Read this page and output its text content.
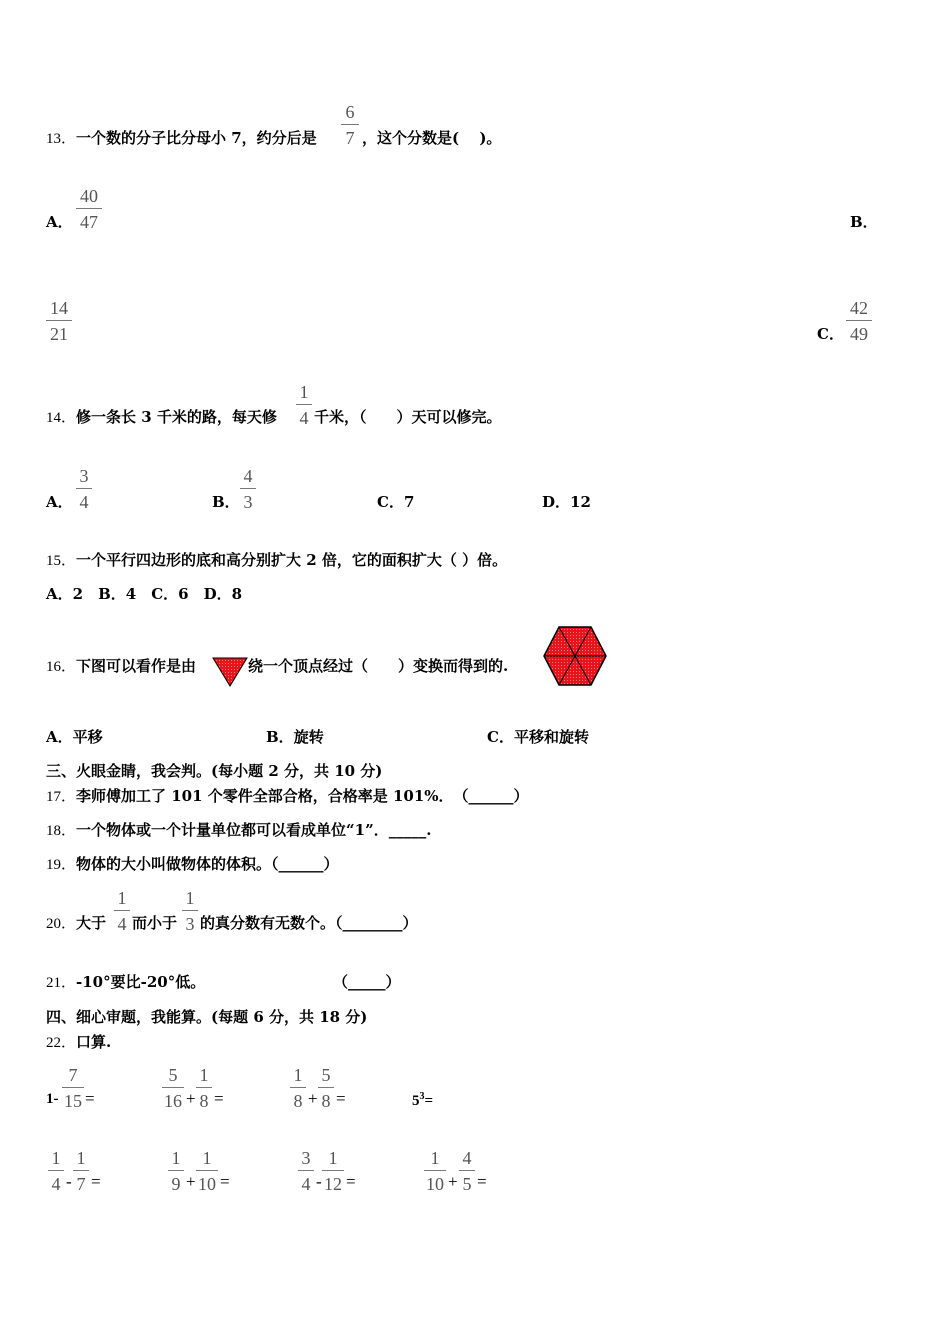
13．一个数的分子比分母小 7，约分后是
6
7 ，这个分数是(　 )。
A．
40
47	B．
14
21	C．
42
49
14．修一条长 3 千米的路，每天修
1
4 千米，（　　）天可以修完。
A．
3
4	B．
4
3	C．7	D．12
15．一个平行四边形的底和高分别扩大 2 倍，它的面积扩大（ ）倍。
A．2　B．4　C．6　D．8
16．下图可以看作是由	绕一个顶点经过（　　）变换而得到的.
A．平移	B．旋转	C．平移和旋转
三、火眼金睛，我会判。(每小题 2 分，共 10 分)
17．李师傅加工了 101 个零件全部合格，合格率是 101%．　（______）
18．一个物体或一个计量单位都可以看成单位“1”．_____.
19．物体的大小叫做物体的体积。（______）
20．大于
1
4 而小于
1
3 的真分数有无数个。（________）
21．-10°要比-20°低。	（_____）
四、细心审题，我能算。(每题 6 分，共 18 分)
22．口算.
1-
7
15 =
5
16 +
1
8 =
1
8 +
5
8 =	$5^3=$
1
4 -
1
7 =
1
9 +
1
10 =
3
4 -
1
12 =
1
10 +
4
5 =
